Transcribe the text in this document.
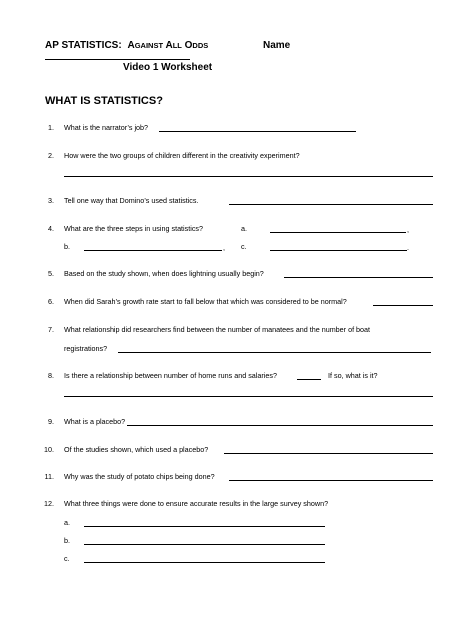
AP STATISTICS: AGAINST ALL ODDS	Name
Video 1 Worksheet
WHAT IS STATISTICS?
1. What is the narrator’s job?
2. How were the two groups of children different in the creativity experiment?
3. Tell one way that Domino’s used statistics.
4. What are the three steps in using statistics?	a.	,
b.	, c.	.
5. Based on the study shown, when does lightning usually begin?
6. When did Sarah’s growth rate start to fall below that which was considered to be normal?
7. What relationship did researchers find between the number of manatees and the number of boat
registrations?
8. Is there a relationship between number of home runs and salaries?	If so, what is it?
9. What is a placebo?
10. Of the studies shown, which used a placebo?
11. Why was the study of potato chips being done?
12. What three things were done to ensure accurate results in the large survey shown?
a.
b.
c.
